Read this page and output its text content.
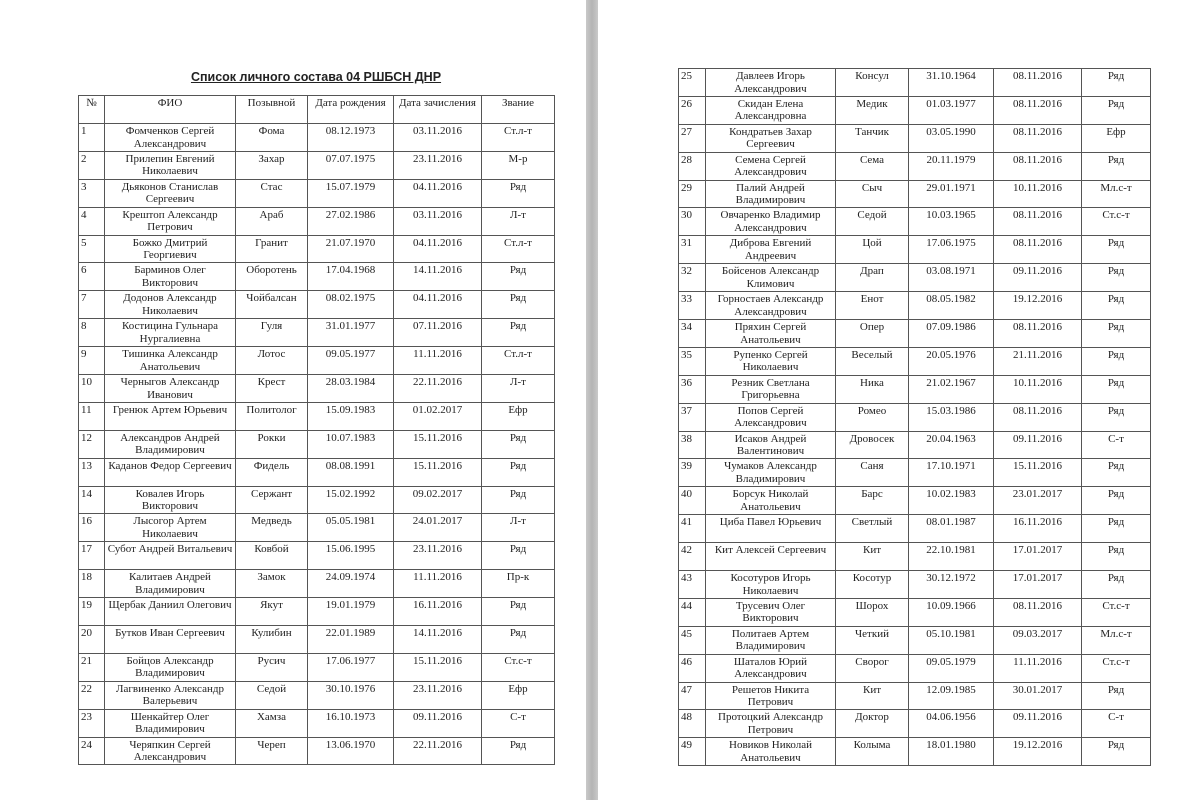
Список личного состава 04 РШБСН ДНР
№	ФИО	Позывной	Дата рождения	Дата зачисления	Звание
1	Фомченков Сергей Александрович	Фома	08.12.1973	03.11.2016	Ст.л-т
2	Прилепин Евгений Николаевич	Захар	07.07.1975	23.11.2016	М-р
3	Дьяконов Станислав Сергеевич	Стас	15.07.1979	04.11.2016	Ряд
4	Крештоп Александр Петрович	Араб	27.02.1986	03.11.2016	Л-т
5	Божко Дмитрий Георгиевич	Гранит	21.07.1970	04.11.2016	Ст.л-т
6	Барминов Олег Викторович	Оборотень	17.04.1968	14.11.2016	Ряд
7	Додонов Александр Николаевич	Чойбалсан	08.02.1975	04.11.2016	Ряд
8	Костицина Гульнара Нургалиевна	Гуля	31.01.1977	07.11.2016	Ряд
9	Тишинка Александр Анатольевич	Лотос	09.05.1977	11.11.2016	Ст.л-т
10	Черныгов Александр Иванович	Крест	28.03.1984	22.11.2016	Л-т
11	Гренюк Артем Юрьевич	Политолог	15.09.1983	01.02.2017	Ефр
12	Александров Андрей Владимирович	Рокки	10.07.1983	15.11.2016	Ряд
13	Каданов Федор Сергеевич	Фидель	08.08.1991	15.11.2016	Ряд
14	Ковалев Игорь Викторович	Сержант	15.02.1992	09.02.2017	Ряд
16	Лысогор Артем Николаевич	Медведь	05.05.1981	24.01.2017	Л-т
17	Субот Андрей Витальевич	Ковбой	15.06.1995	23.11.2016	Ряд
18	Калитаев Андрей Владимирович	Замок	24.09.1974	11.11.2016	Пр-к
19	Щербак Даниил Олегович	Якут	19.01.1979	16.11.2016	Ряд
20	Бутков Иван Сергеевич	Кулибин	22.01.1989	14.11.2016	Ряд
21	Бойцов Александр Владимирович	Русич	17.06.1977	15.11.2016	Ст.с-т
22	Лагвиненко Александр Валерьевич	Седой	30.10.1976	23.11.2016	Ефр
23	Шенкайтер Олег Владимирович	Хамза	16.10.1973	09.11.2016	С-т
24	Черяпкин Сергей Александрович	Череп	13.06.1970	22.11.2016	Ряд
25	Давлеев Игорь Александрович	Консул	31.10.1964	08.11.2016	Ряд
26	Скидан Елена Александровна	Медик	01.03.1977	08.11.2016	Ряд
27	Кондратьев Захар Сергеевич	Танчик	03.05.1990	08.11.2016	Ефр
28	Семена Сергей Александрович	Сема	20.11.1979	08.11.2016	Ряд
29	Палий Андрей Владимирович	Сыч	29.01.1971	10.11.2016	Мл.с-т
30	Овчаренко Владимир Александрович	Седой	10.03.1965	08.11.2016	Ст.с-т
31	Диброва Евгений Андреевич	Цой	17.06.1975	08.11.2016	Ряд
32	Бойсенов Александр Климович	Драп	03.08.1971	09.11.2016	Ряд
33	Горностаев Александр Александрович	Енот	08.05.1982	19.12.2016	Ряд
34	Пряхин Сергей Анатольевич	Опер	07.09.1986	08.11.2016	Ряд
35	Рупенко Сергей Николаевич	Веселый	20.05.1976	21.11.2016	Ряд
36	Резник Светлана Григорьевна	Ника	21.02.1967	10.11.2016	Ряд
37	Попов Сергей Александрович	Ромео	15.03.1986	08.11.2016	Ряд
38	Исаков Андрей Валентинович	Дровосек	20.04.1963	09.11.2016	С-т
39	Чумаков Александр Владимирович	Саня	17.10.1971	15.11.2016	Ряд
40	Борсук Николай Анатольевич	Барс	10.02.1983	23.01.2017	Ряд
41	Циба Павел Юрьевич	Светлый	08.01.1987	16.11.2016	Ряд
42	Кит Алексей Сергеевич	Кит	22.10.1981	17.01.2017	Ряд
43	Косотуров Игорь Николаевич	Косотур	30.12.1972	17.01.2017	Ряд
44	Трусевич Олег Викторович	Шорох	10.09.1966	08.11.2016	Ст.с-т
45	Политаев Артем Владимирович	Четкий	05.10.1981	09.03.2017	Мл.с-т
46	Шаталов Юрий Александрович	Сворог	09.05.1979	11.11.2016	Ст.с-т
47	Решетов Никита Петрович	Кит	12.09.1985	30.01.2017	Ряд
48	Протоцкий Александр Петрович	Доктор	04.06.1956	09.11.2016	С-т
49	Новиков Николай Анатольевич	Колыма	18.01.1980	19.12.2016	Ряд
